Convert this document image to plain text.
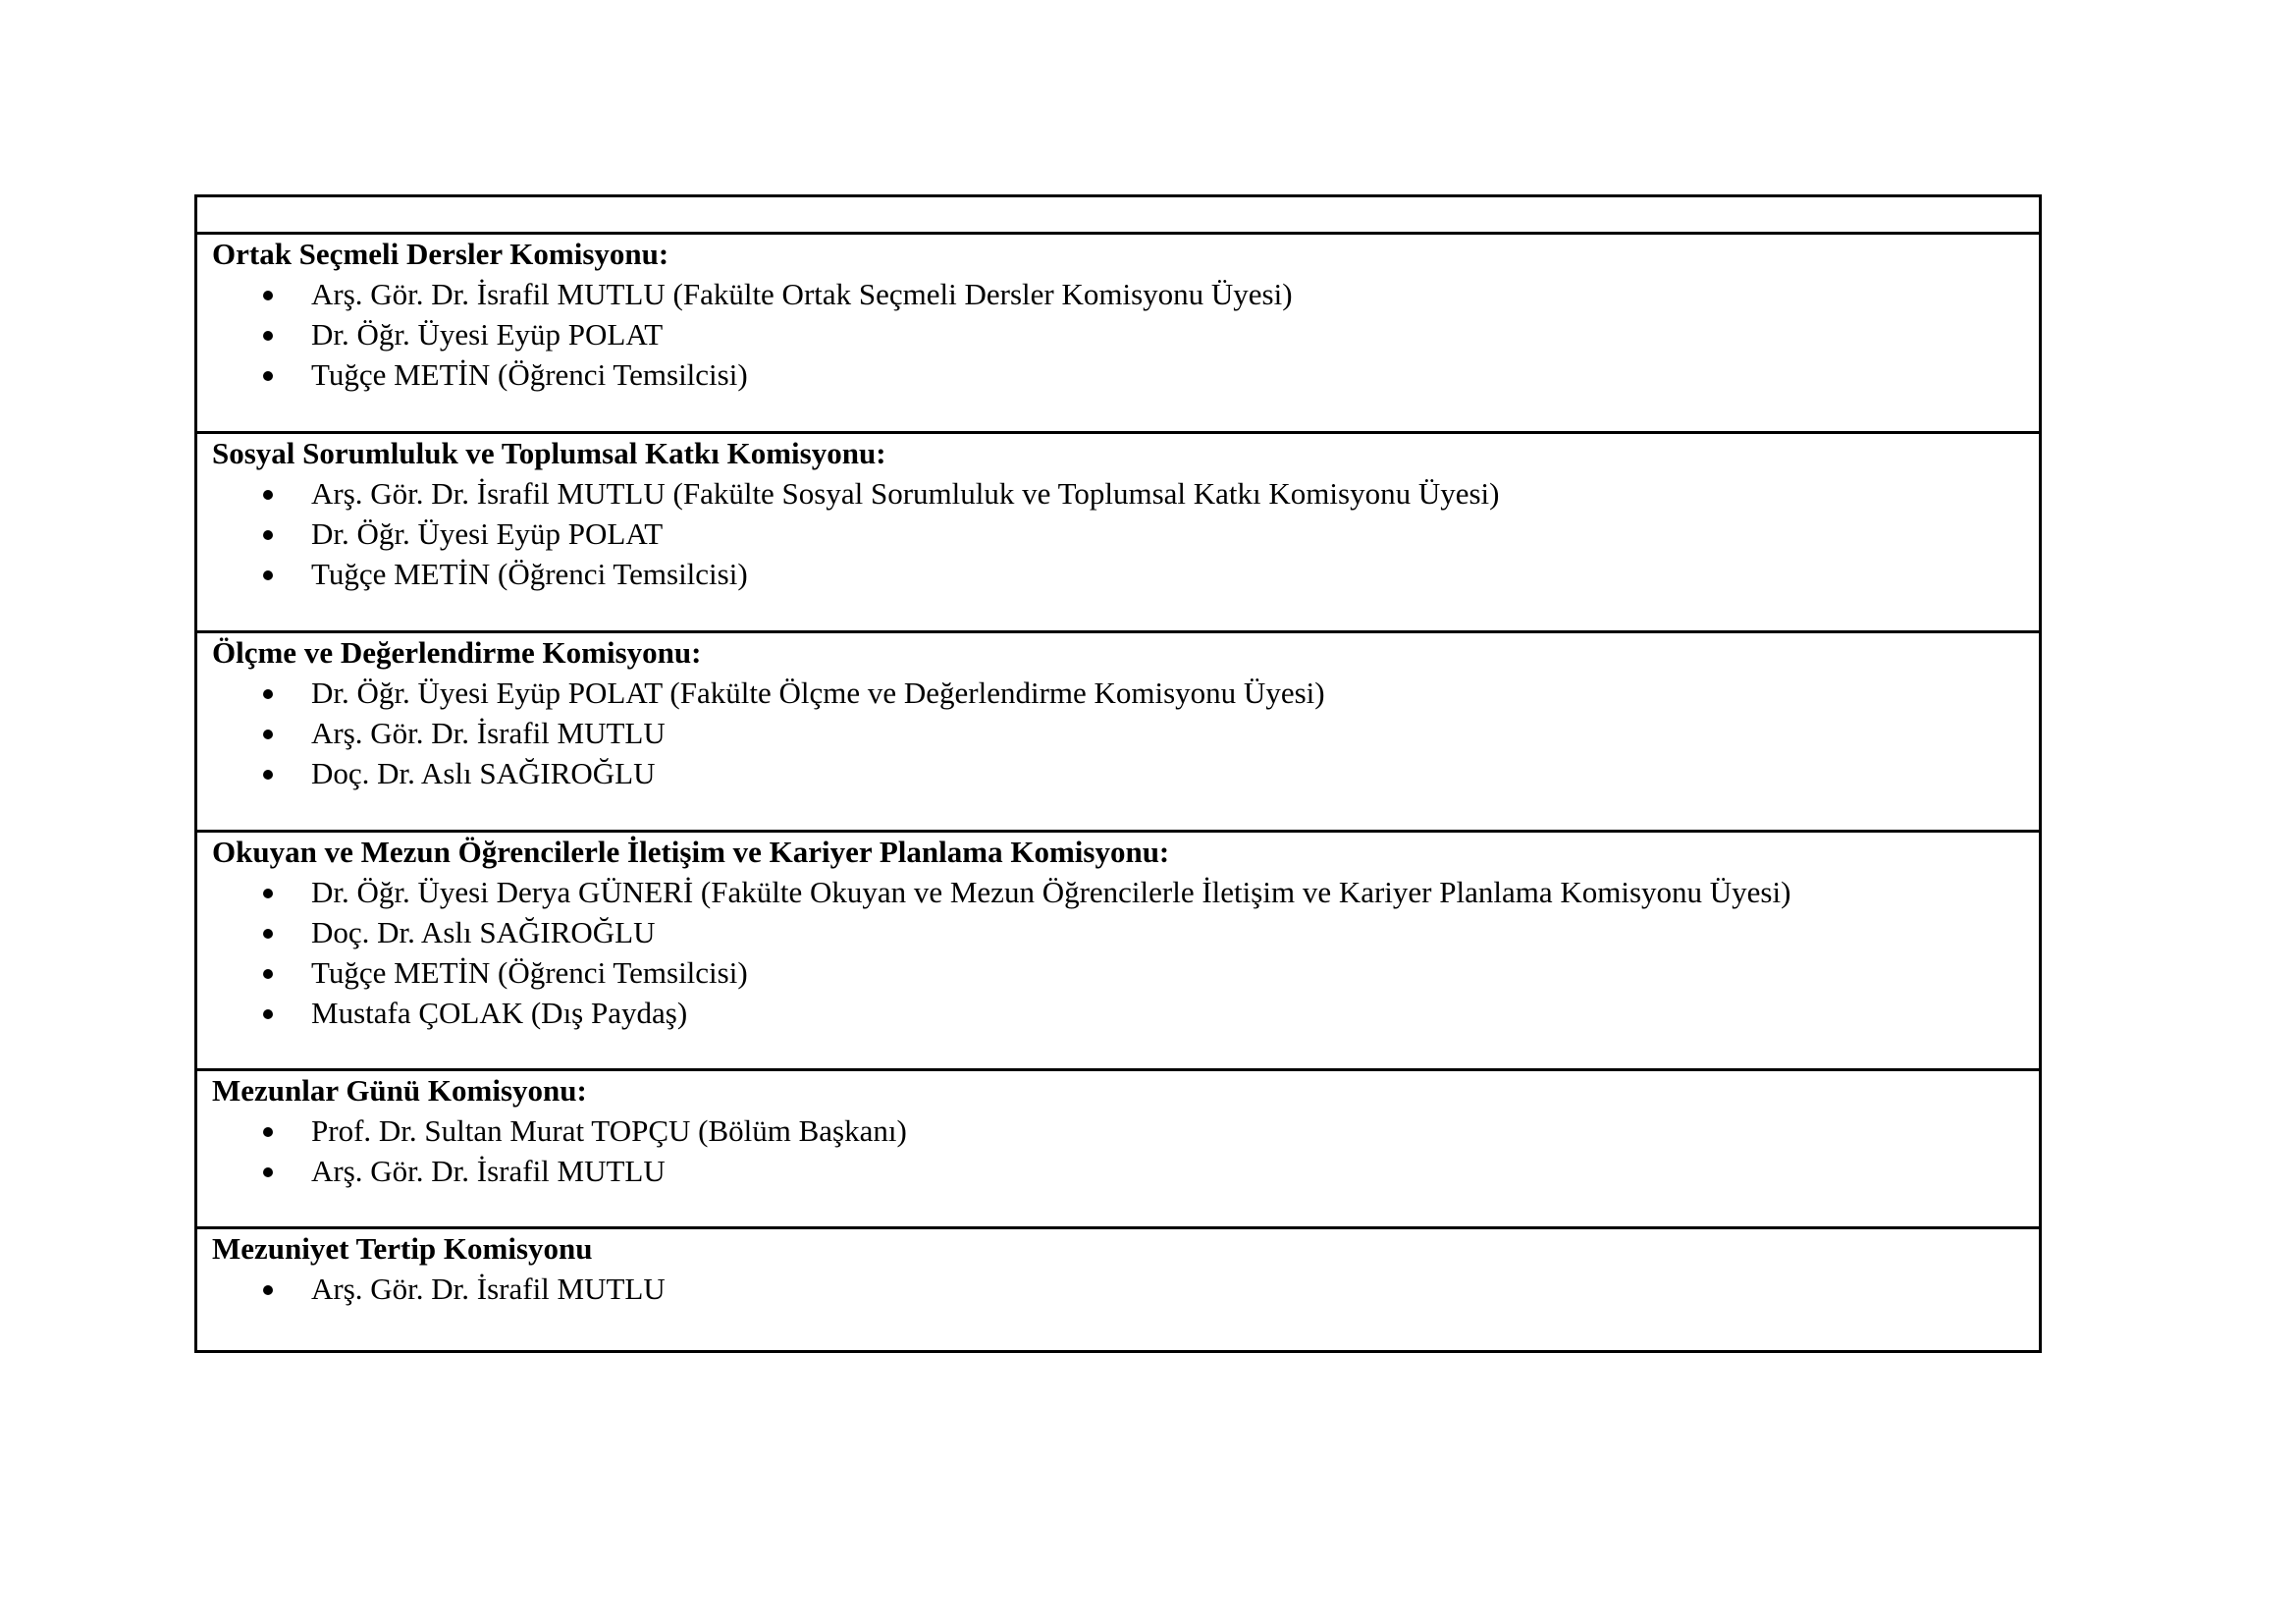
Ortak Seçmeli Dersler Komisyonu:
Arş. Gör. Dr. İsrafil MUTLU (Fakülte Ortak Seçmeli Dersler Komisyonu Üyesi)
Dr. Öğr. Üyesi Eyüp POLAT
Tuğçe METİN (Öğrenci Temsilcisi)
Sosyal Sorumluluk ve Toplumsal Katkı Komisyonu:
Arş. Gör. Dr. İsrafil MUTLU (Fakülte Sosyal Sorumluluk ve Toplumsal Katkı Komisyonu Üyesi)
Dr. Öğr. Üyesi Eyüp POLAT
Tuğçe METİN (Öğrenci Temsilcisi)
Ölçme ve Değerlendirme Komisyonu:
Dr. Öğr. Üyesi Eyüp POLAT (Fakülte Ölçme ve Değerlendirme Komisyonu Üyesi)
Arş. Gör. Dr. İsrafil MUTLU
Doç. Dr. Aslı SAĞIROĞLU
Okuyan ve Mezun Öğrencilerle İletişim ve Kariyer Planlama Komisyonu:
Dr. Öğr. Üyesi Derya GÜNERİ (Fakülte Okuyan ve Mezun Öğrencilerle İletişim ve Kariyer Planlama Komisyonu Üyesi)
Doç. Dr. Aslı SAĞIROĞLU
Tuğçe METİN (Öğrenci Temsilcisi)
Mustafa ÇOLAK (Dış Paydaş)
Mezunlar Günü Komisyonu:
Prof. Dr. Sultan Murat TOPÇU (Bölüm Başkanı)
Arş. Gör. Dr. İsrafil MUTLU
Mezuniyet Tertip Komisyonu
Arş. Gör. Dr. İsrafil MUTLU
